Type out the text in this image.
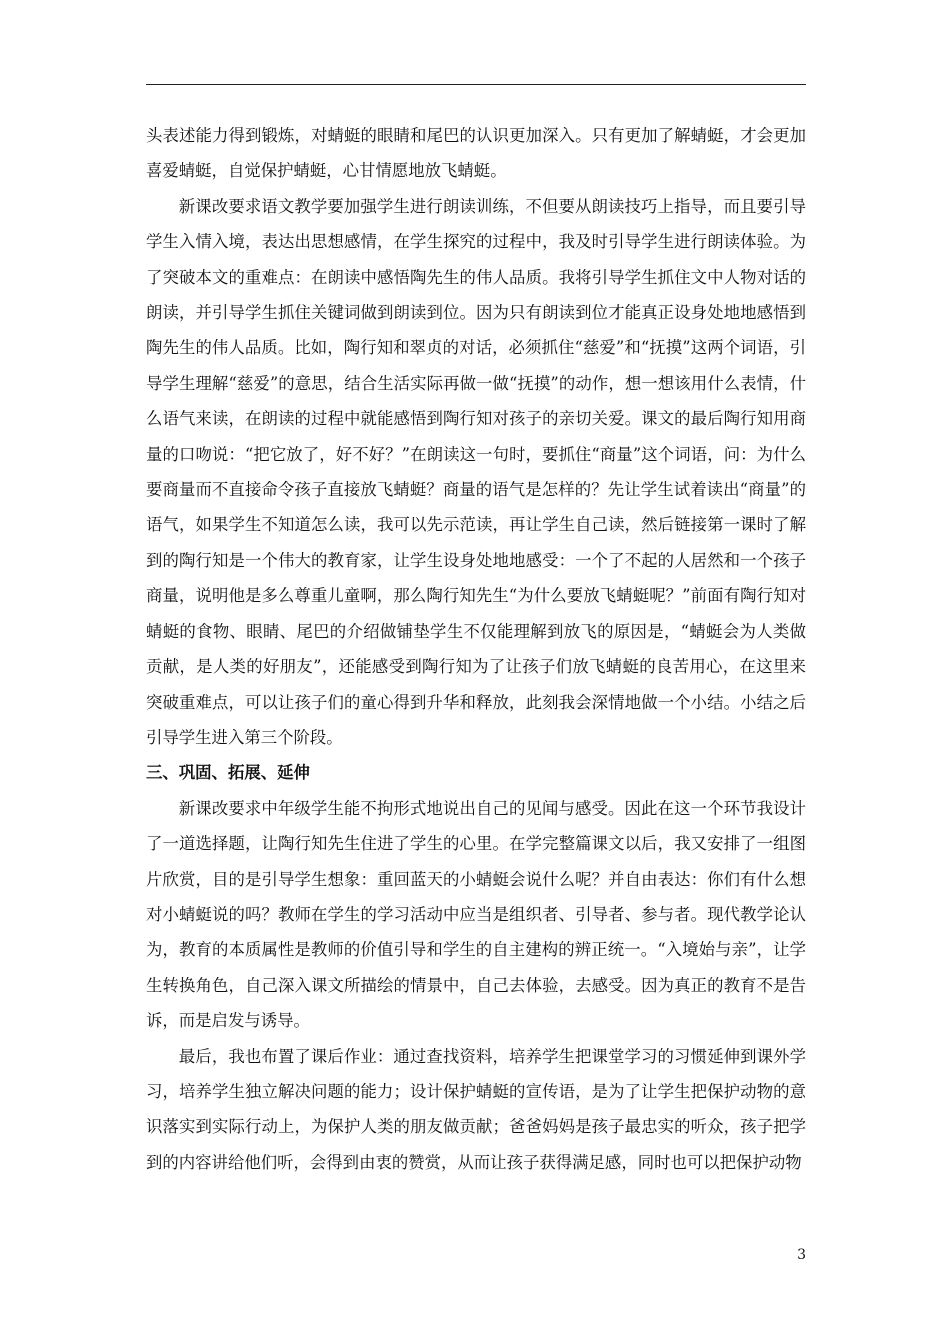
头表述能力得到锻炼，对蜻蜓的眼睛和尾巴的认识更加深入。只有更加了解蜻蜓，才会更加喜爱蜻蜓，自觉保护蜻蜓，心甘情愿地放飞蜻蜓。

新课改要求语文教学要加强学生进行朗读训练，不但要从朗读技巧上指导，而且要引导学生入情入境，表达出思想感情，在学生探究的过程中，我及时引导学生进行朗读体验。为了突破本文的重难点：在朗读中感悟陶先生的伟人品质。我将引导学生抓住文中人物对话的朗读，并引导学生抓住关键词做到朗读到位。因为只有朗读到位才能真正设身处地地感悟到陶先生的伟人品质。比如，陶行知和翠贞的对话，必须抓住“慈爱”和“抚摸”这两个词语，引导学生理解“慈爱”的意思，结合生活实际再做一做“抚摸”的动作，想一想该用什么表情，什么语气来读，在朗读的过程中就能感悟到陶行知对孩子的亲切关爱。课文的最后陶行知用商量的口吻说：“把它放了，好不好？”在朗读这一句时，要抓住“商量”这个词语，问：为什么要商量而不直接命令孩子直接放飞蜻蜓？商量的语气是怎样的？先让学生试着读出“商量”的语气，如果学生不知道怎么读，我可以先示范读，再让学生自己读，然后链接第一课时了解到的陶行知是一个伟大的教育家，让学生设身处地地感受：一个了不起的人居然和一个孩子商量，说明他是多么尊重儿童啊，那么陶行知先生“为什么要放飞蜻蜓呢？”前面有陶行知对蜻蜓的食物、眼睛、尾巴的介绍做铺垫学生不仅能理解到放飞的原因是，“蜻蜓会为人类做贡献，是人类的好朋友”，还能感受到陶行知为了让孩子们放飞蜻蜓的良苦用心，在这里来突破重难点，可以让孩子们的童心得到升华和释放，此刻我会深情地做一个小结。小结之后引导学生进入第三个阶段。

三、巩固、拓展、延伸

新课改要求中年级学生能不拘形式地说出自己的见闻与感受。因此在这一个环节我设计了一道选择题，让陶行知先生住进了学生的心里。在学完整篇课文以后，我又安排了一组图片欣赏，目的是引导学生想象：重回蓝天的小蜻蜓会说什么呢？并自由表达：你们有什么想对小蜻蜓说的吗？教师在学生的学习活动中应当是组织者、引导者、参与者。现代教学论认为，教育的本质属性是教师的价值引导和学生的自主建构的辨正统一。“入境始与亲”，让学生转换角色，自己深入课文所描绘的情景中，自己去体验，去感受。因为真正的教育不是告诉，而是启发与诱导。

最后，我也布置了课后作业：通过查找资料，培养学生把课堂学习的习惯延伸到课外学习，培养学生独立解决问题的能力；设计保护蜻蜓的宣传语，是为了让学生把保护动物的意识落实到实际行动上，为保护人类的朋友做贡献；爸爸妈妈是孩子最忠实的听众，孩子把学到的内容讲给他们听，会得到由衷的赞赏，从而让孩子获得满足感，同时也可以把保护动物

3
